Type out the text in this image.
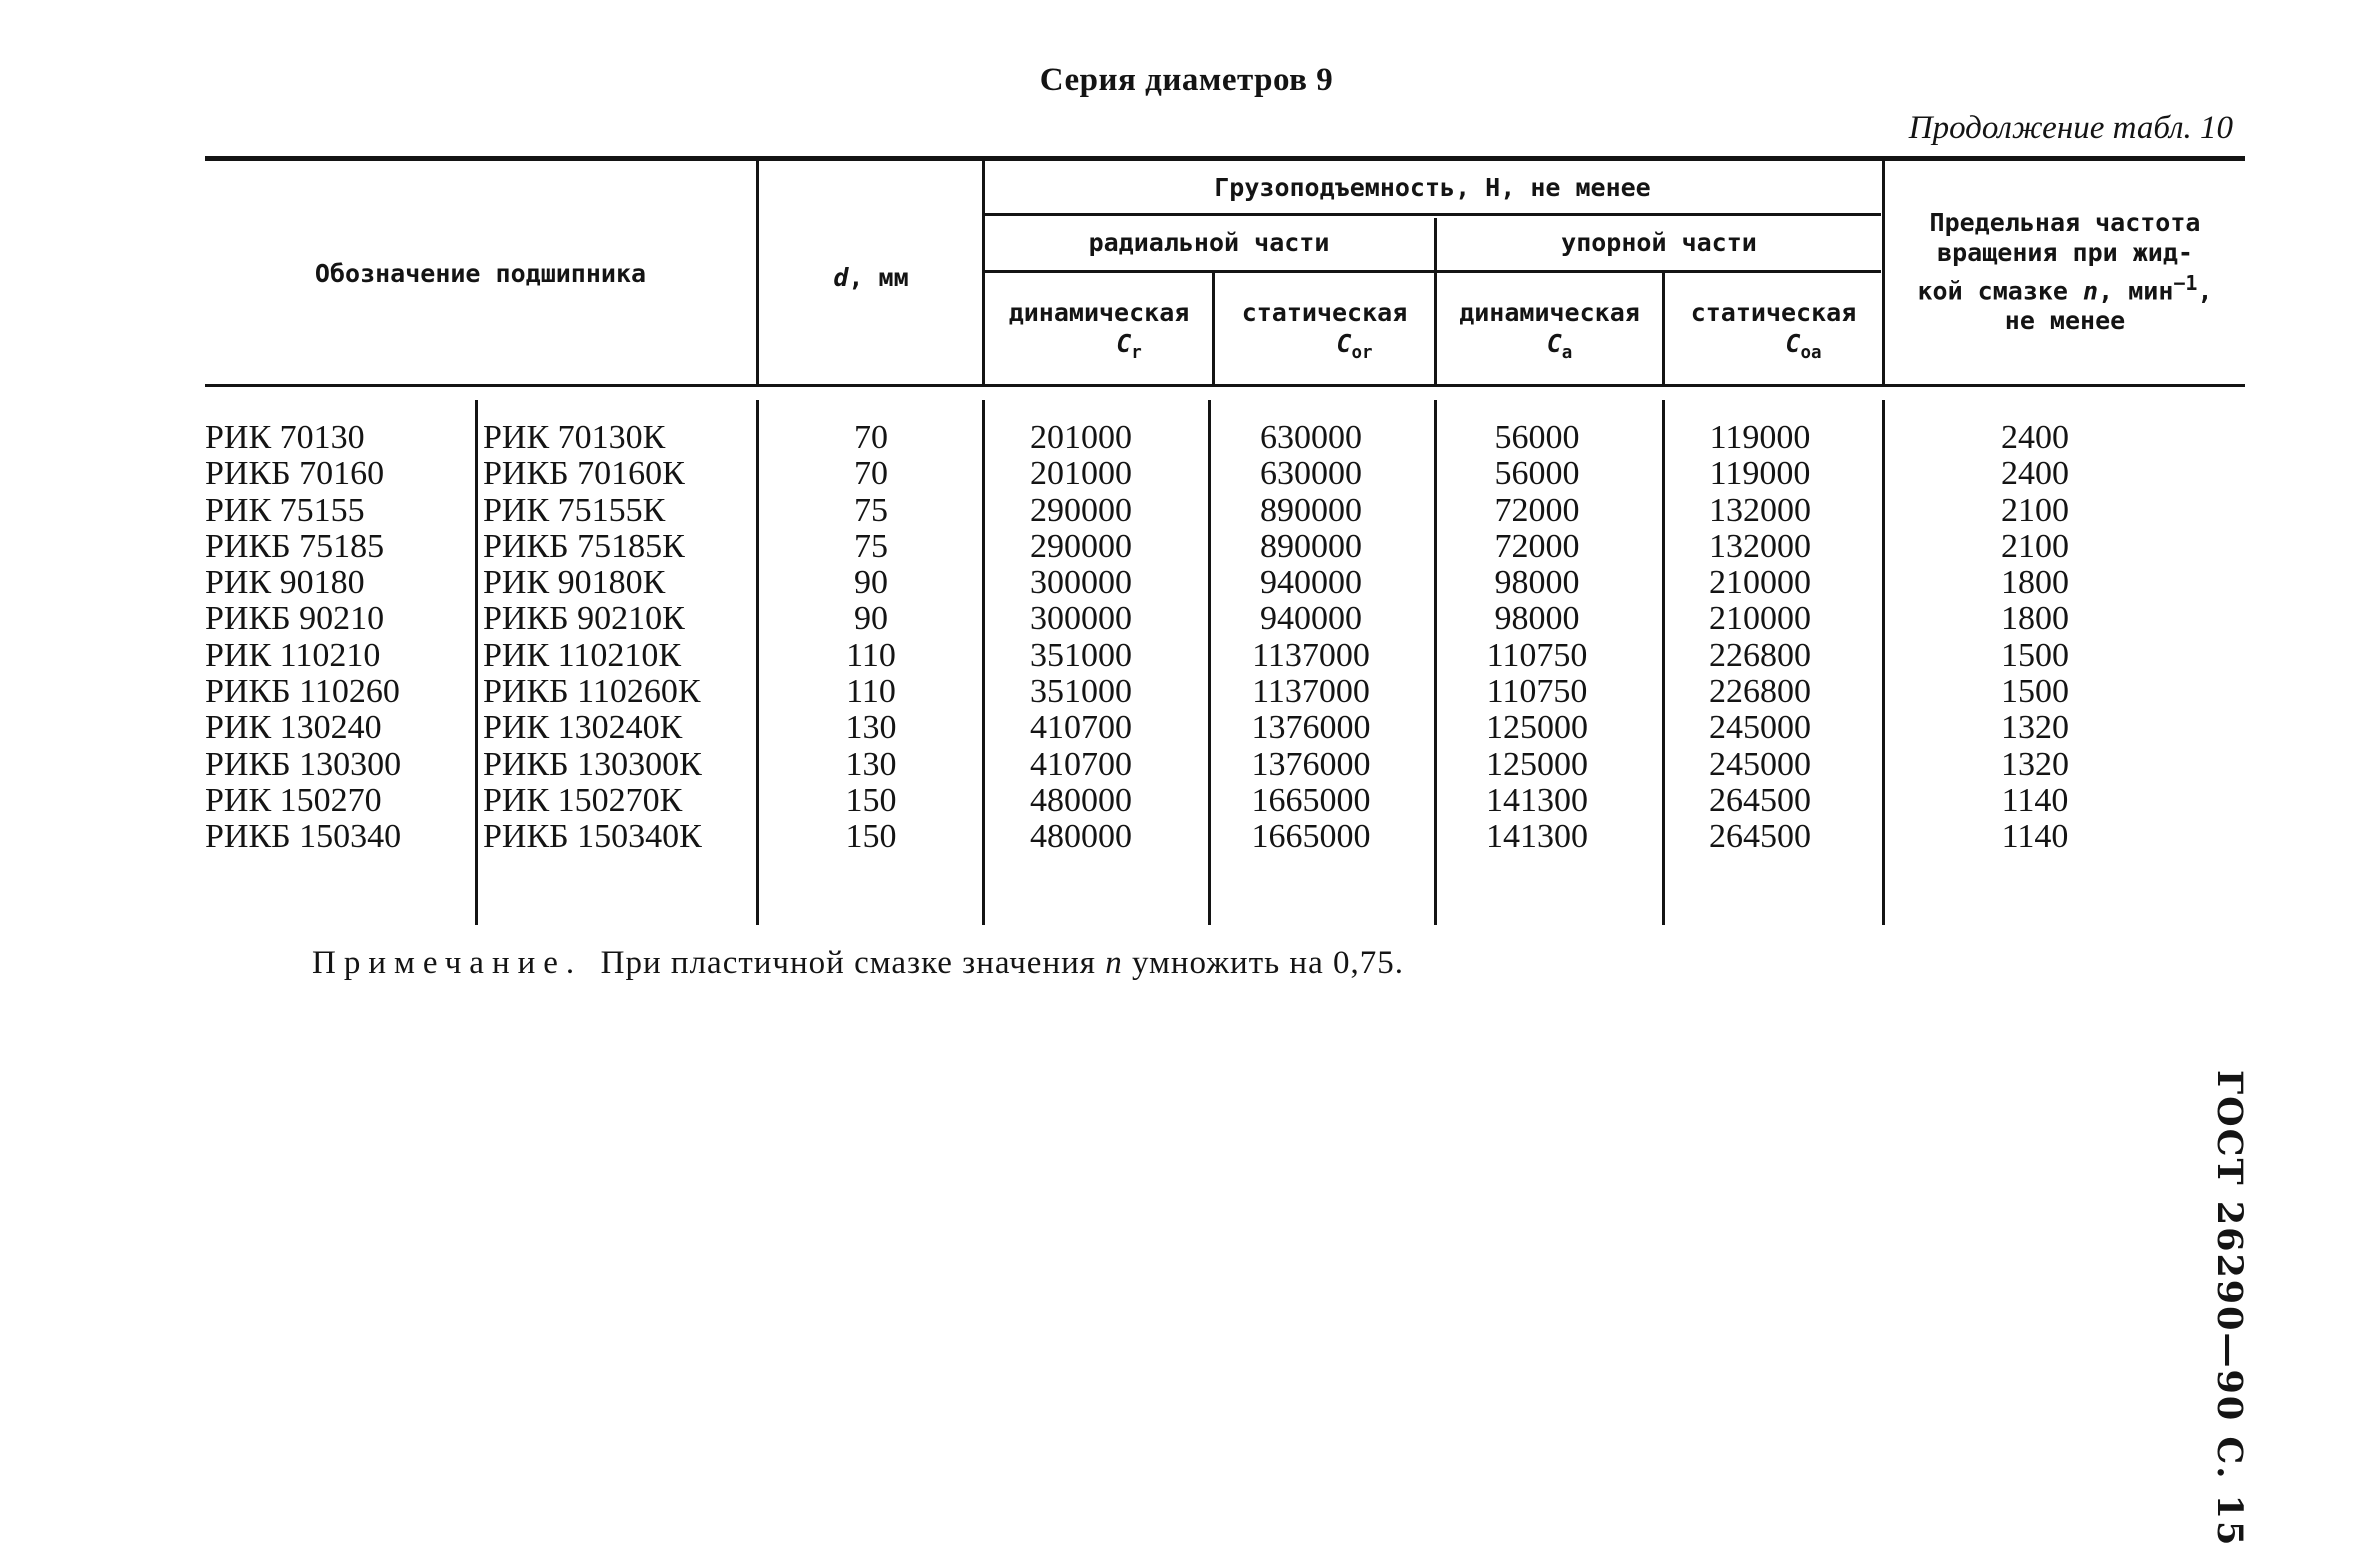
Серия диаметров 9

Продолжение табл. 10

Обозначение подшипника	d, мм

Грузоподъемность, Н, не менее

радиальной части	упорной части

динамическая
$C_r$
статическая
$C_{or}$
динамическая
$C_a$
статическая
$C_{oa}$
Предельная частота
вращения при жид-
кой смазке n, мин$^{-1}$,
не менее
РИК 70130
РИКБ 70160
РИК 75155
РИКБ 75185
РИК 90180
РИКБ 90210
РИК 110210
РИКБ 110260
РИК 130240
РИКБ 130300
РИК 150270
РИКБ 150340
РИК 70130К
РИКБ 70160К
РИК 75155К
РИКБ 75185К
РИК 90180К
РИКБ 90210К
РИК 110210К
РИКБ 110260К
РИК 130240К
РИКБ 130300К
РИК 150270К
РИКБ 150340К
70
70
75
75
90
90
110
110
130
130
150
150
201000
201000
290000
290000
300000
300000
351000
351000
410700
410700
480000
480000
630000
630000
890000
890000
940000
940000
1137000
1137000
1376000
1376000
1665000
1665000
56000
56000
72000
72000
98000
98000
110750
110750
125000
125000
141300
141300
119000
119000
132000
132000
210000
210000
226800
226800
245000
245000
264500
264500
2400
2400
2100
2100
1800
1800
1500
1500
1320
1320
1140
1140

Примечание. При пластичной смазке значения n умножить на 0,75.

ГОСТ 26290—90 С. 15
